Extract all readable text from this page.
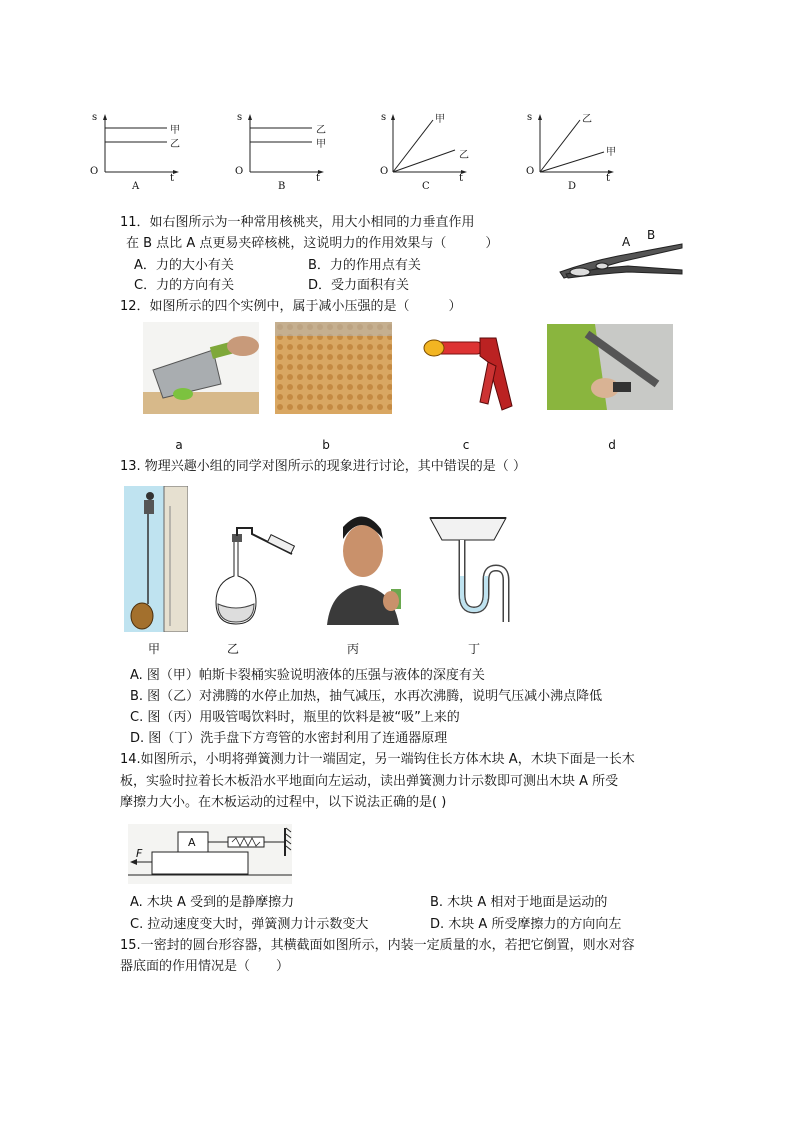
s
O
t
甲
乙
A
s
O
t
乙
甲
B
s
O
t
甲
乙
C
s
O
t
乙
甲
D
11．如右图所示为一种常用核桃夹，用大小相同的力垂直作用
在 B 点比 A 点更易夹碎核桃，这说明力的作用效果与（　　　）
A．力的大小有关	B．力的作用点有关
C．力的方向有关	D．受力面积有关
A B
12．如图所示的四个实例中，属于减小压强的是（　　　）
a	b	c	d
13. 物理兴趣小组的同学对图所示的现象进行讨论，其中错误的是（ ）
甲	乙	丙	丁
A. 图（甲）帕斯卡裂桶实验说明液体的压强与液体的深度有关
B. 图（乙）对沸腾的水停止加热，抽气减压，水再次沸腾，说明气压减小沸点降低
C. 图（丙）用吸管喝饮料时，瓶里的饮料是被“吸”上来的
D. 图（丁）洗手盘下方弯管的水密封利用了连通器原理
14.如图所示，小明将弹簧测力计一端固定，另一端钩住长方体木块 A，木块下面是一长木
板，实验时拉着长木板沿水平地面向左运动，读出弹簧测力计示数即可测出木块 A 所受
摩擦力大小。在木板运动的过程中，以下说法正确的是( )
F
A
A. 木块 A 受到的是静摩擦力	B. 木块 A 相对于地面是运动的
C. 拉动速度变大时，弹簧测力计示数变大	D. 木块 A 所受摩擦力的方向向左
15.一密封的圆台形容器，其横截面如图所示，内装一定质量的水，若把它倒置，则水对容
器底面的作用情况是（　　）
